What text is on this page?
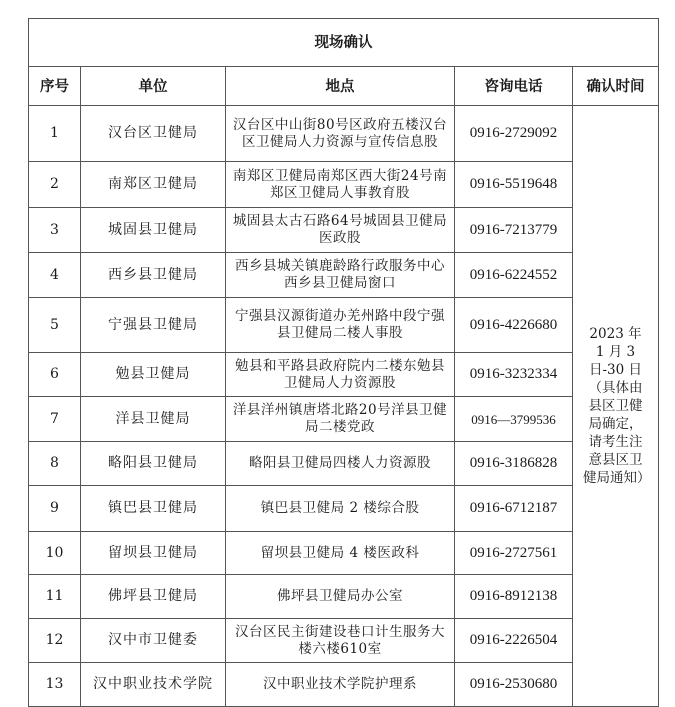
现场确认				
序号	单位	地点	咨询电话	确认时间
1	汉台区卫健局	汉台区中山街80号区政府五楼汉台区卫健局人力资源与宣传信息股	0916-2729092	2023 年 1 月 3 日-30 日（具体由县区卫健局确定，请考生注意县区卫健局通知）
2	南郑区卫健局	南郑区卫健局南郑区西大街24号南郑区卫健局人事教育股	0916-5519648	
3	城固县卫健局	城固县太古石路64号城固县卫健局医政股	0916-7213779	
4	西乡县卫健局	西乡县城关镇鹿龄路行政服务中心西乡县卫健局窗口	0916-6224552	
5	宁强县卫健局	宁强县汉源街道办羌州路中段宁强县卫健局二楼人事股	0916-4226680	
6	勉县卫健局	勉县和平路县政府院内二楼东勉县卫健局人力资源股	0916-3232334	
7	洋县卫健局	洋县洋州镇唐塔北路20号洋县卫健局二楼党政	0916—3799536	
8	略阳县卫健局	略阳县卫健局四楼人力资源股	0916-3186828	
9	镇巴县卫健局	镇巴县卫健局 2 楼综合股	0916-6712187	
10	留坝县卫健局	留坝县卫健局 4 楼医政科	0916-2727561	
11	佛坪县卫健局	佛坪县卫健局办公室	0916-8912138	
12	汉中市卫健委	汉台区民主街建设巷口计生服务大楼六楼610室	0916-2226504	
13	汉中职业技术学院	汉中职业技术学院护理系	0916-2530680	
